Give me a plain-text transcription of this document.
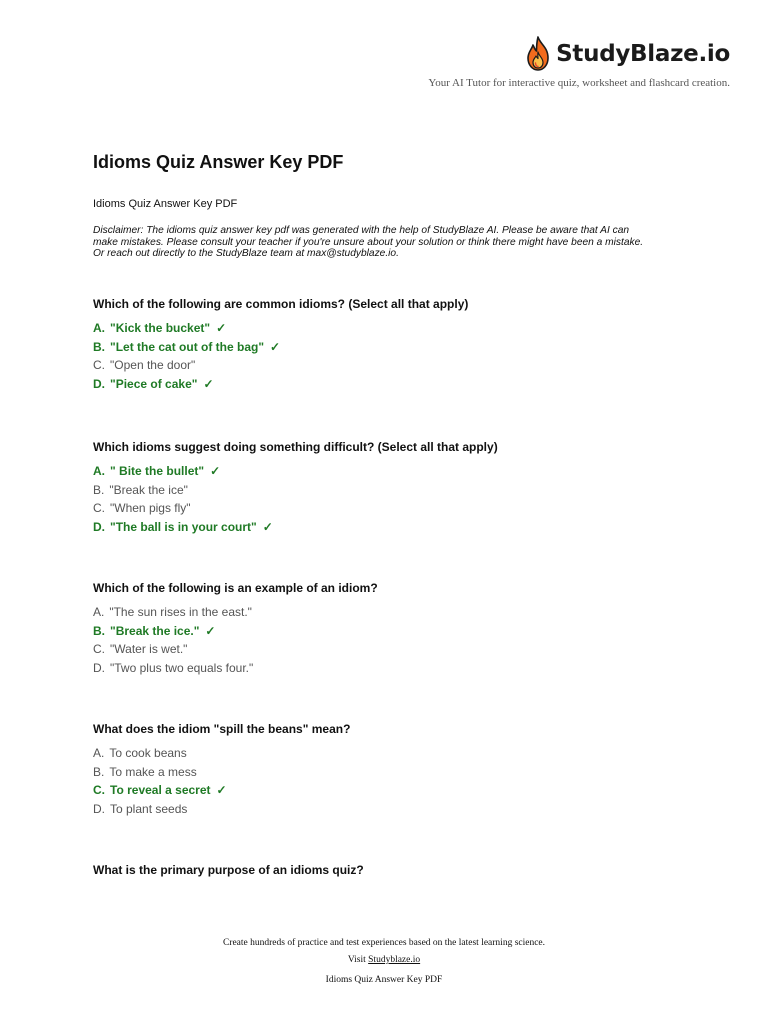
StudyBlaze.io
Your AI Tutor for interactive quiz, worksheet and flashcard creation.
Idioms Quiz Answer Key PDF
Idioms Quiz Answer Key PDF
Disclaimer: The idioms quiz answer key pdf was generated with the help of StudyBlaze AI. Please be aware that AI can
make mistakes. Please consult your teacher if you're unsure about your solution or think there might have been a mistake.
Or reach out directly to the StudyBlaze team at max@studyblaze.io.
Which of the following are common idioms? (Select all that apply)
A. "Kick the bucket" ✓
B. "Let the cat out of the bag" ✓
C. "Open the door"
D. "Piece of cake" ✓
Which idioms suggest doing something difficult? (Select all that apply)
A. " Bite the bullet" ✓
B. "Break the ice"
C. "When pigs fly"
D. "The ball is in your court" ✓
Which of the following is an example of an idiom?
A. "The sun rises in the east."
B. "Break the ice." ✓
C. "Water is wet."
D. "Two plus two equals four."
What does the idiom "spill the beans" mean?
A. To cook beans
B. To make a mess
C. To reveal a secret ✓
D. To plant seeds
What is the primary purpose of an idioms quiz?
Create hundreds of practice and test experiences based on the latest learning science.
Visit Studyblaze.io
Idioms Quiz Answer Key PDF
